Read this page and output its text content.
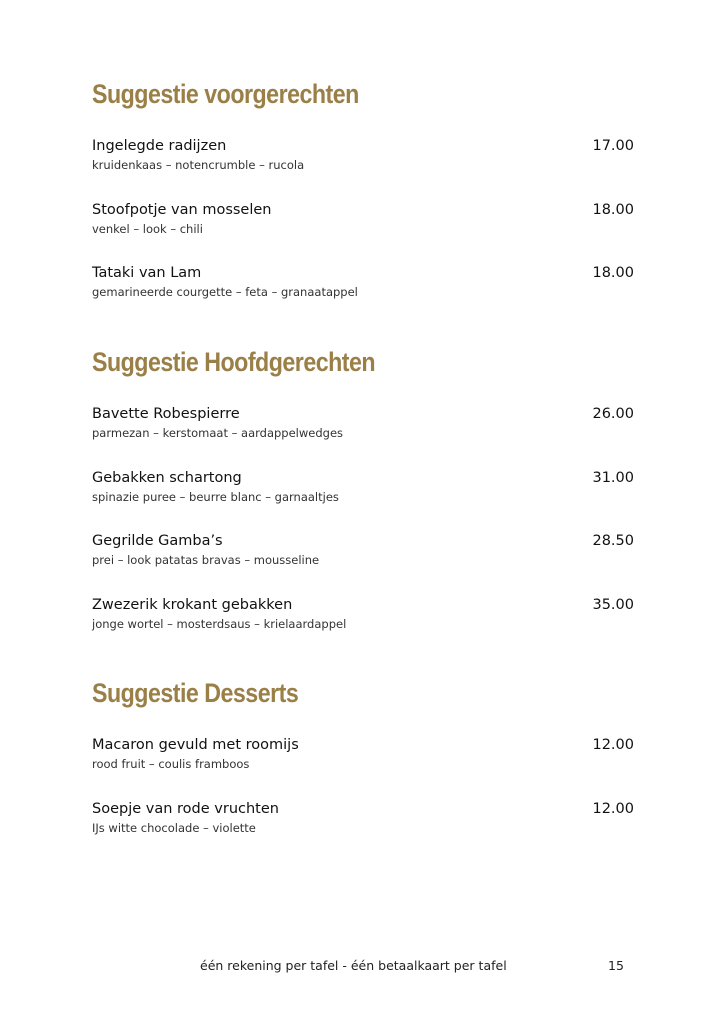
Suggestie voorgerechten
Ingelegde radijzen
kruidenkaas – notencrumble – rucola
17.00
Stoofpotje van mosselen
venkel – look – chili
18.00
Tataki van Lam
gemarineerde courgette – feta – granaatappel
18.00
Suggestie Hoofdgerechten
Bavette Robespierre
parmezan – kerstomaat – aardappelwedges
26.00
Gebakken schartong
spinazie puree – beurre blanc – garnaaltjes
31.00
Gegrilde Gamba’s
prei – look patatas bravas – mousseline
28.50
Zwezerik krokant gebakken
jonge wortel – mosterdsaus – krielaardappel
35.00
Suggestie Desserts
Macaron gevuld met roomijs
rood fruit – coulis framboos
12.00
Soepje van rode vruchten
IJs witte chocolade – violette
12.00
één rekening per tafel - één betaalkaart per tafel	15
